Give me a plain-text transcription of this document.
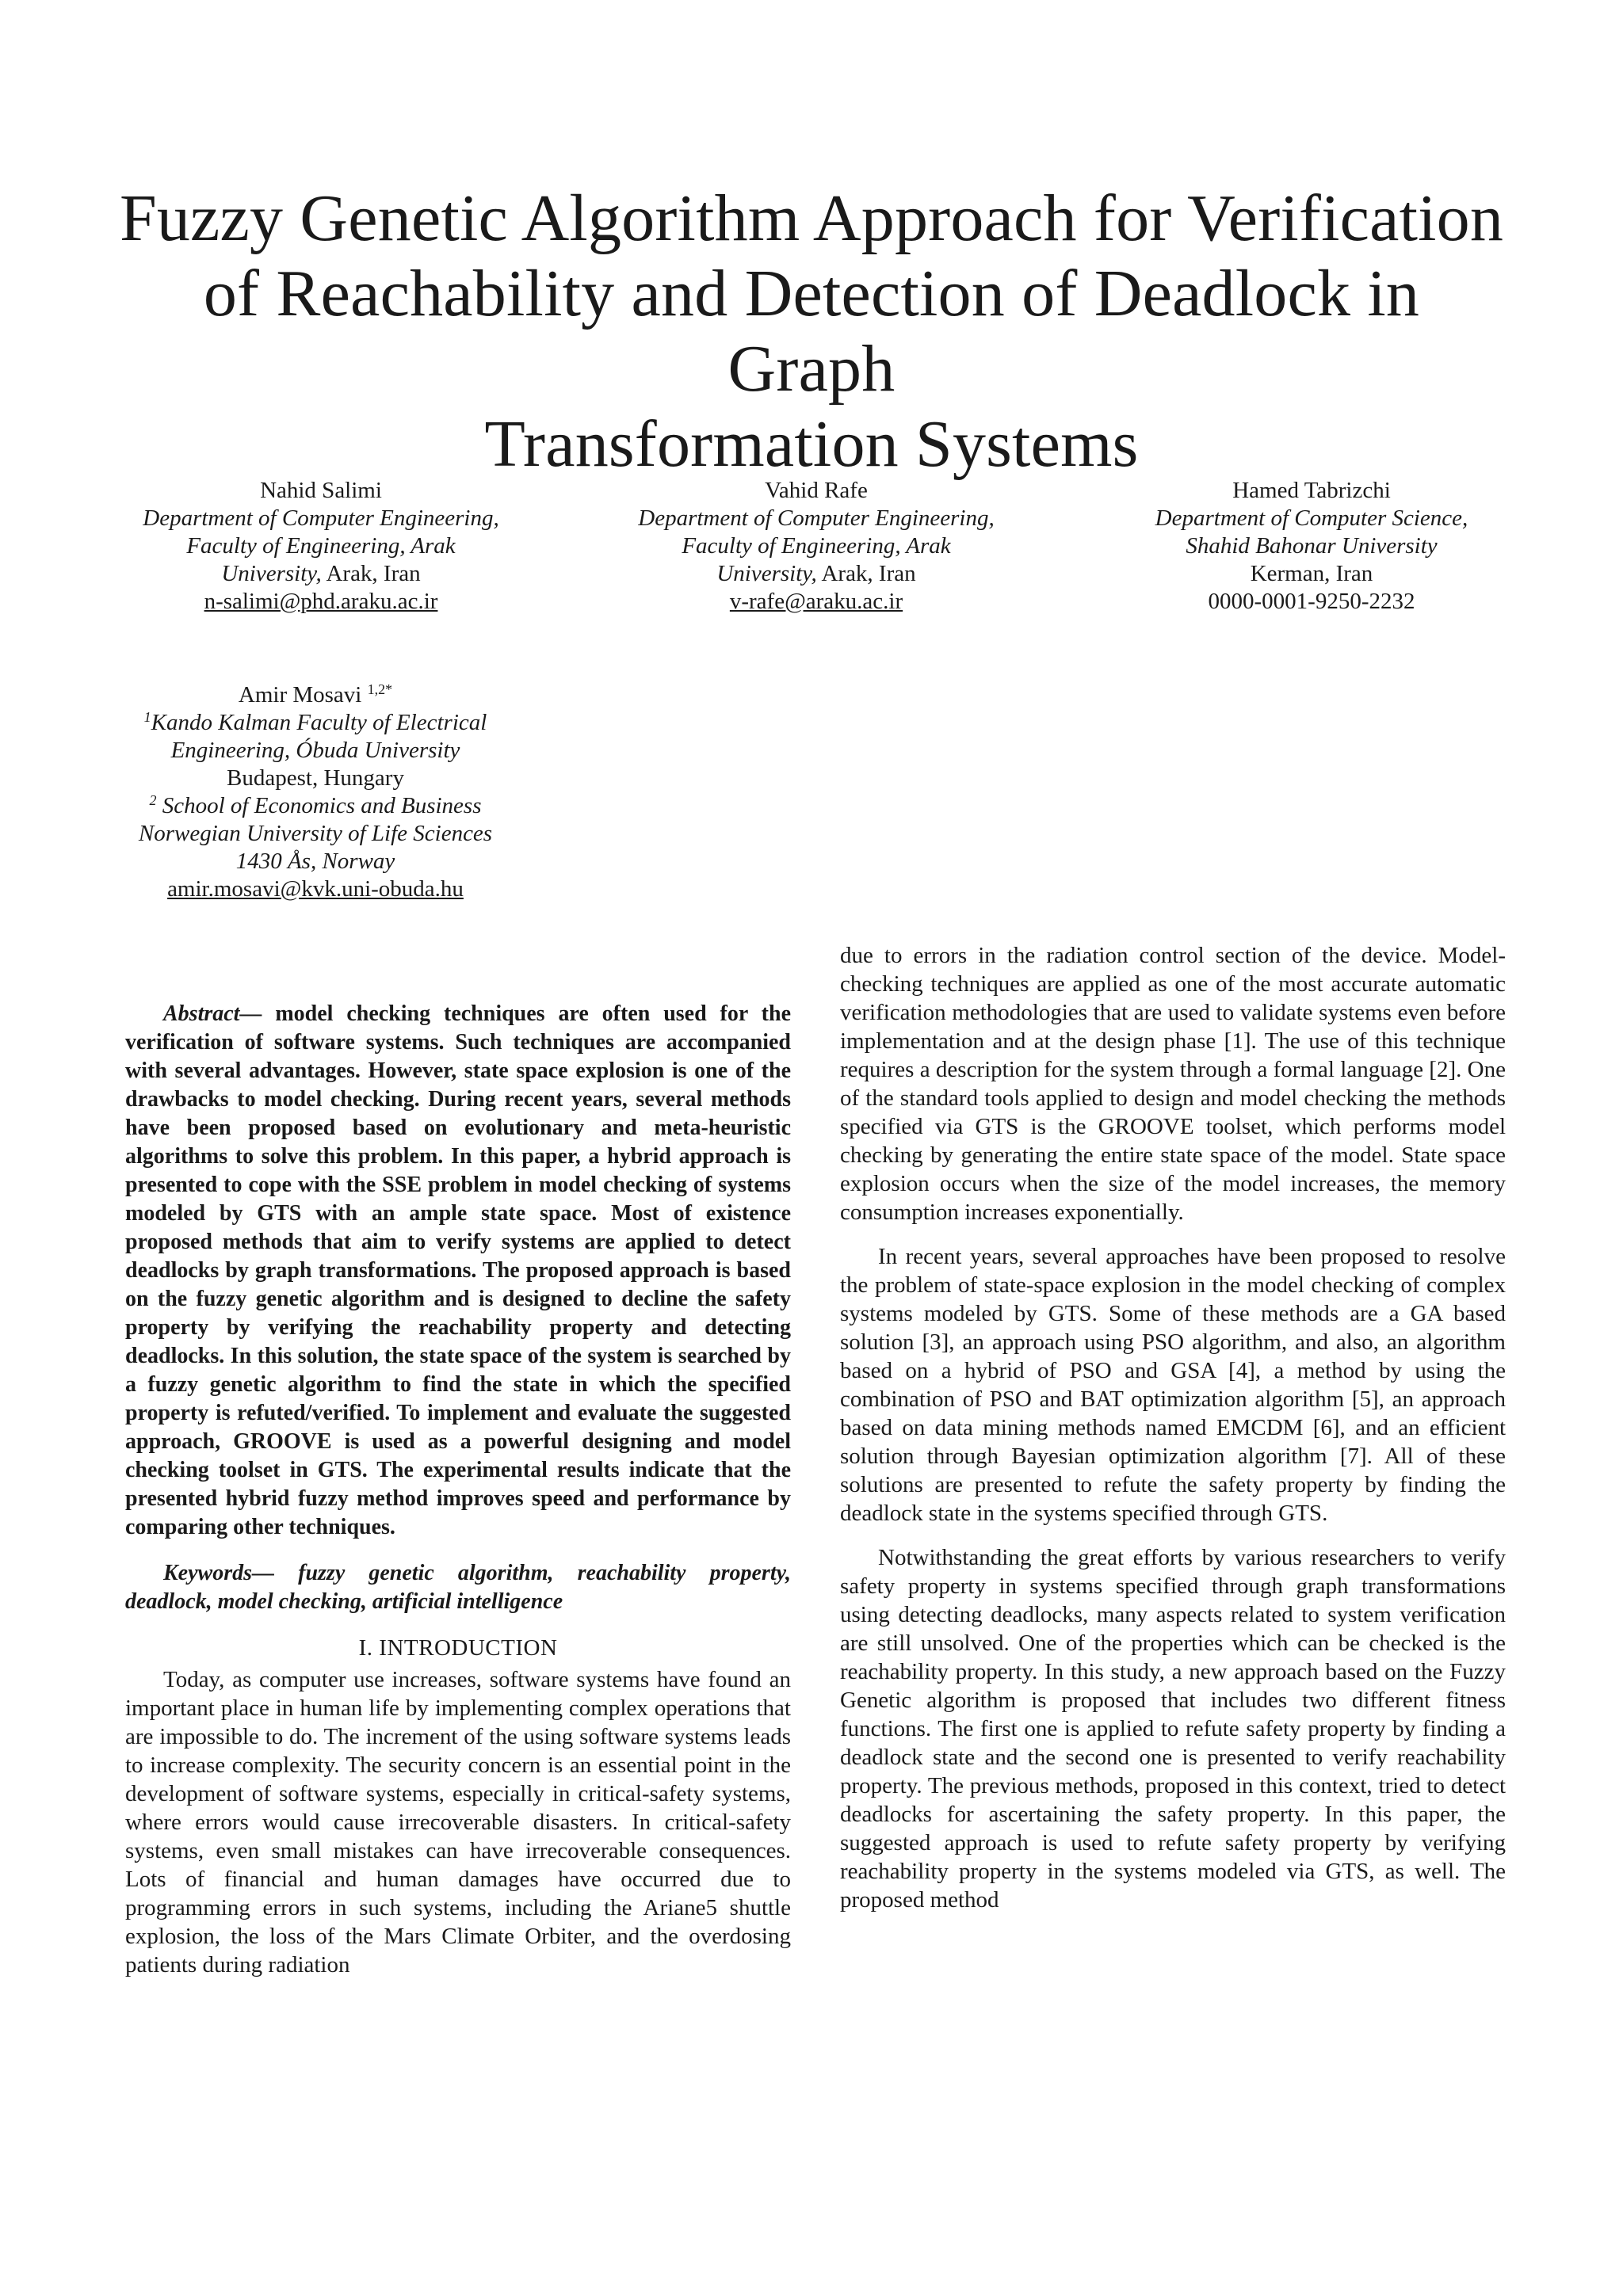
Fuzzy Genetic Algorithm Approach for Verification
of Reachability and Detection of Deadlock in Graph
Transformation Systems
Nahid Salimi
Department of Computer Engineering,
Faculty of Engineering, Arak
University, Arak, Iran
n-salimi@phd.araku.ac.ir
Vahid Rafe
Department of Computer Engineering,
Faculty of Engineering, Arak
University, Arak, Iran
v-rafe@araku.ac.ir
Hamed Tabrizchi
Department of Computer Science,
Shahid Bahonar University
Kerman, Iran
0000-0001-9250-2232
Amir Mosavi $^{1,2*}$
$^1$Kando Kalman Faculty of Electrical
Engineering, Óbuda University
Budapest, Hungary
$^2$ School of Economics and Business
Norwegian University of Life Sciences
1430 Ås, Norway
amir.mosavi@kvk.uni-obuda.hu

Abstract— model checking techniques are often used for the verification of software systems. Such techniques are accompanied with several advantages. However, state space explosion is one of the drawbacks to model checking. During recent years, several methods have been proposed based on evolutionary and meta-heuristic algorithms to solve this problem. In this paper, a hybrid approach is presented to cope with the SSE problem in model checking of systems modeled by GTS with an ample state space. Most of existence proposed methods that aim to verify systems are applied to detect deadlocks by graph transformations. The proposed approach is based on the fuzzy genetic algorithm and is designed to decline the safety property by verifying the reachability property and detecting deadlocks. In this solution, the state space of the system is searched by a fuzzy genetic algorithm to find the state in which the specified property is refuted/verified. To implement and evaluate the suggested approach, GROOVE is used as a powerful designing and model checking toolset in GTS. The experimental results indicate that the presented hybrid fuzzy method improves speed and performance by comparing other techniques.

Keywords— fuzzy genetic algorithm, reachability property, deadlock, model checking, artificial intelligence

I. INTRODUCTION

Today, as computer use increases, software systems have found an important place in human life by implementing complex operations that are impossible to do. The increment of the using software systems leads to increase complexity. The security concern is an essential point in the development of software systems, especially in critical-safety systems, where errors would cause irrecoverable disasters. In critical-safety systems, even small mistakes can have irrecoverable consequences. Lots of financial and human damages have occurred due to programming errors in such systems, including the Ariane5 shuttle explosion, the loss of the Mars Climate Orbiter, and the overdosing patients during radiation

due to errors in the radiation control section of the device. Model-checking techniques are applied as one of the most accurate automatic verification methodologies that are used to validate systems even before implementation and at the design phase [1]. The use of this technique requires a description for the system through a formal language [2]. One of the standard tools applied to design and model checking the methods specified via GTS is the GROOVE toolset, which performs model checking by generating the entire state space of the model. State space explosion occurs when the size of the model increases, the memory consumption increases exponentially.

In recent years, several approaches have been proposed to resolve the problem of state-space explosion in the model checking of complex systems modeled by GTS. Some of these methods are a GA based solution [3], an approach using PSO algorithm, and also, an algorithm based on a hybrid of PSO and GSA [4], a method by using the combination of PSO and BAT optimization algorithm [5], an approach based on data mining methods named EMCDM [6], and an efficient solution through Bayesian optimization algorithm [7]. All of these solutions are presented to refute the safety property by finding the deadlock state in the systems specified through GTS.

Notwithstanding the great efforts by various researchers to verify safety property in systems specified through graph transformations using detecting deadlocks, many aspects related to system verification are still unsolved. One of the properties which can be checked is the reachability property. In this study, a new approach based on the Fuzzy Genetic algorithm is proposed that includes two different fitness functions. The first one is applied to refute safety property by finding a deadlock state and the second one is presented to verify reachability property. The previous methods, proposed in this context, tried to detect deadlocks for ascertaining the safety property. In this paper, the suggested approach is used to refute safety property by verifying reachability property in the systems modeled via GTS, as well. The proposed method
